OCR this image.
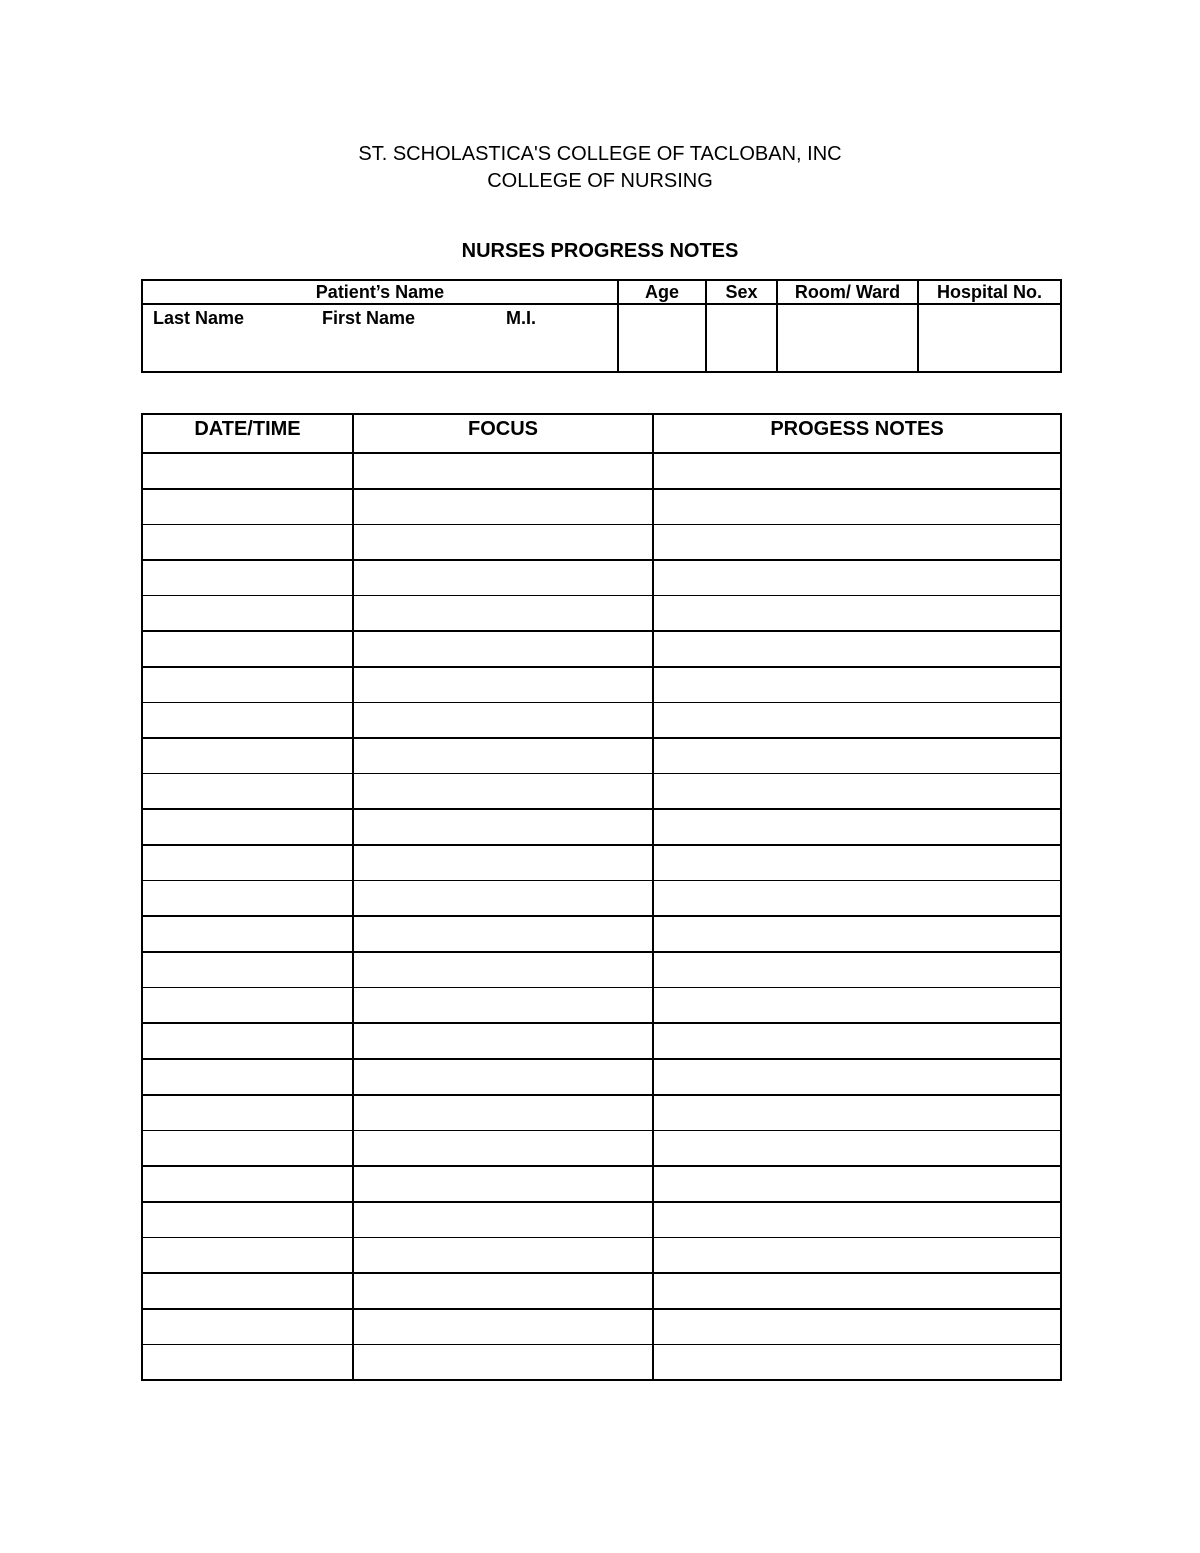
ST. SCHOLASTICA'S COLLEGE OF TACLOBAN, INC
COLLEGE OF NURSING
NURSES PROGRESS NOTES
Patient’s Name	Age	Sex	Room/ Ward	Hospital No.

Last Name First Name M.I.				

DATE/TIME	FOCUS	PROGESS NOTES
